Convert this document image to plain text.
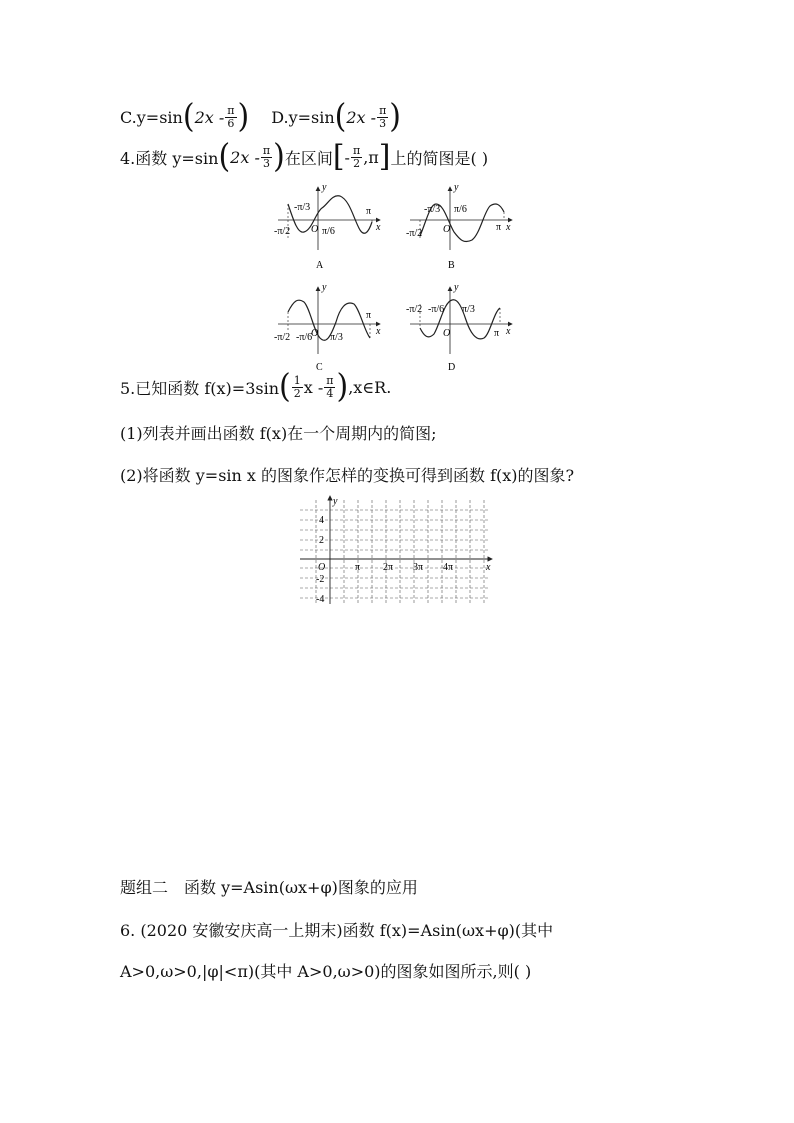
C.y=sin ( $2x - \frac{\pi}{6}$ ) D.y=sin ( $2x - \frac{\pi}{3}$ )
4.函数 y=sin ( $2x - \frac{\pi}{3}$ ) 在区间 [ - $\frac{\pi}{2} ,\pi$ ] 上的简图是( )
y
x
O
-π/3
-π/2	π/6
π
A
y
x
O
-π/3
-π/2
π/6
π
B
y
x
O
-π/2 -π/6 π/3
π
C
y
x
O
-π/2 -π/6 π/3
π
D
5.已知函数 f(x)=3sin ( $\frac{1}{2}$ x - $\frac{\pi}{4}$ ) ,x∈R.
(1)列表并画出函数 f(x)在一个周期内的简图;
(2)将函数 y=sin x 的图象作怎样的变换可得到函数 f(x)的图象?
y
x
O
4
2
-2
-4
π 2π 3π 4π
题组二　函数 y=Asin(ωx+φ)图象的应用
6. (2020 安徽安庆高一上期末)函数 f(x)=Asin(ωx+φ)(其中
A>0,ω>0,|φ|<π)(其中 A>0,ω>0)的图象如图所示,则( )
